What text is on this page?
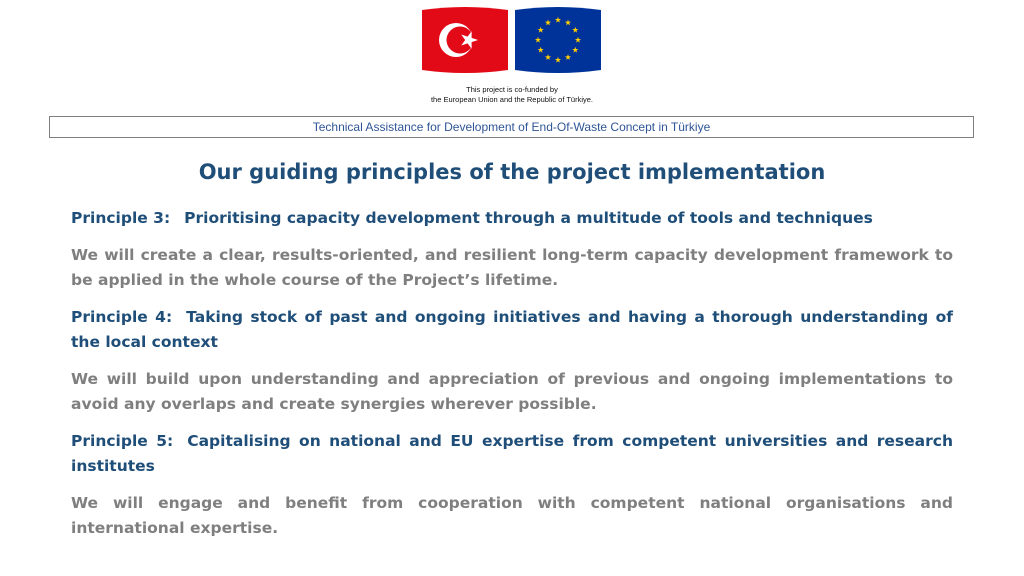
This project is co-funded by
the European Union and the Republic of Türkiye.
Technical Assistance for Development of End-Of-Waste Concept in Türkiye
Our guiding principles of the project implementation

Principle 3: Prioritising capacity development through a multitude of tools and techniques

We will create a clear, results-oriented, and resilient long-term capacity development framework to be applied in the whole course of the Project’s lifetime.

Principle 4: Taking stock of past and ongoing initiatives and having a thorough understanding of the local context

We will build upon understanding and appreciation of previous and ongoing implementations to avoid any overlaps and create synergies wherever possible.

Principle 5: Capitalising on national and EU expertise from competent universities and research institutes

We will engage and benefit from cooperation with competent national organisations and international expertise.
